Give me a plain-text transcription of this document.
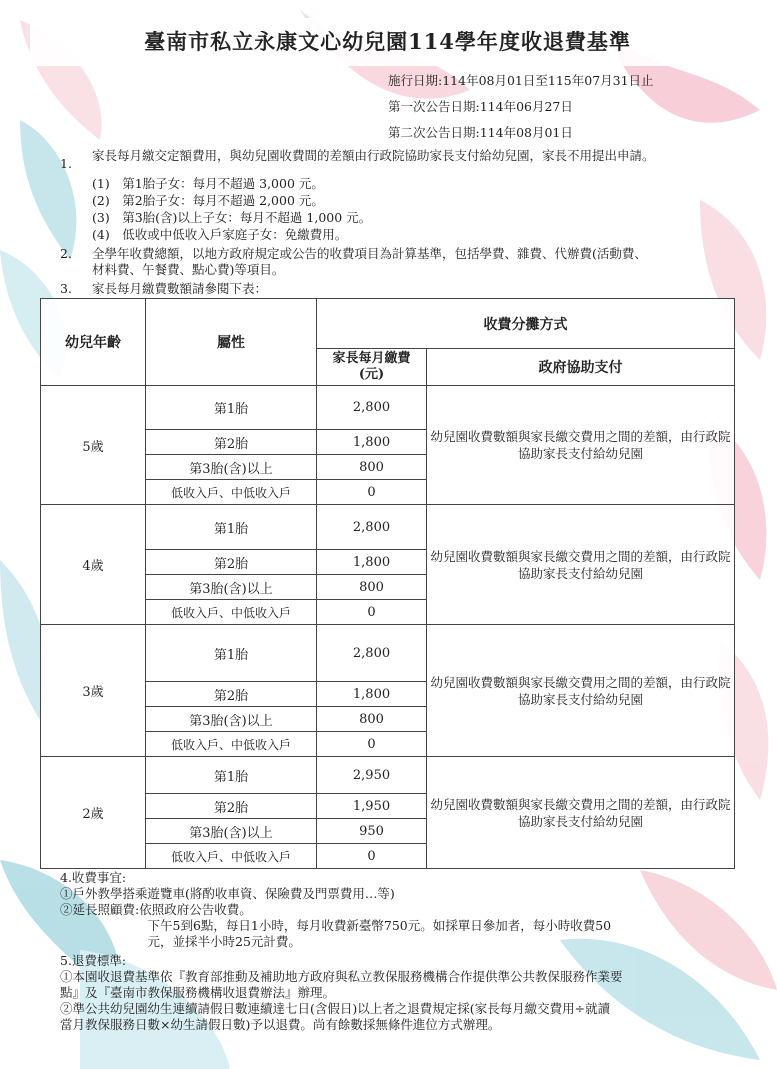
臺南市私立永康文心幼兒園114學年度收退費基準
施行日期:114年08月01日至115年07月31日止
第一次公告日期:114年06月27日
第二次公告日期:114年08月01日
1.
家長每月繳交定額費用，與幼兒園收費間的差額由行政院協助家長支付給幼兒園，家長不用提出申請。
(1)　第1胎子女：每月不超過 3,000 元。
(2)　第2胎子女：每月不超過 2,000 元。
(3)　第3胎(含)以上子女：每月不超過 1,000 元。
(4)　低收或中低收入戶家庭子女：免繳費用。
2. 全學年收費總額，以地方政府規定或公告的收費項目為計算基準，包括學費、雜費、代辦費(活動費、
材料費、午餐費、點心費)等項目。
3. 家長每月繳費數額請參閱下表：
幼兒年齡	屬性	收費分攤方式	
		家長每月繳費
(元)	政府協助支付
5歲	第1胎	2,800	幼兒園收費數額與家長繳交費用之間的差額，由行政院協助家長支付給幼兒園
	第2胎	1,800	
	第3胎(含)以上	800	
	低收入戶、中低收入戶	0	
4歲	第1胎	2,800	幼兒園收費數額與家長繳交費用之間的差額，由行政院協助家長支付給幼兒園
	第2胎	1,800	
	第3胎(含)以上	800	
	低收入戶、中低收入戶	0	
3歲	第1胎	2,800	幼兒園收費數額與家長繳交費用之間的差額，由行政院協助家長支付給幼兒園
	第2胎	1,800	
	第3胎(含)以上	800	
	低收入戶、中低收入戶	0	
2歲	第1胎	2,950	幼兒園收費數額與家長繳交費用之間的差額，由行政院協助家長支付給幼兒園
	第2胎	1,950	
	第3胎(含)以上	950	
	低收入戶、中低收入戶	0	
4.收費事宜:
①戶外教學搭乘遊覽車(將酌收車資、保險費及門票費用…等)
②延長照顧費:依照政府公告收費。
　　　　　　　下午5到6點，每日1小時，每月收費新臺幣750元。如採單日參加者，每小時收費50
　　　　　　　元，並採半小時25元計費。
5.退費標準:
①本園收退費基準依『教育部推動及補助地方政府與私立教保服務機構合作提供準公共教保服務作業要
點』及『臺南市教保服務機構收退費辦法』辦理。
②準公共幼兒園幼生連續請假日數連續達七日(含假日)以上者之退費規定採(家長每月繳交費用÷就讀
當月教保服務日數×幼生請假日數)予以退費。尚有餘數採無條件進位方式辦理。
